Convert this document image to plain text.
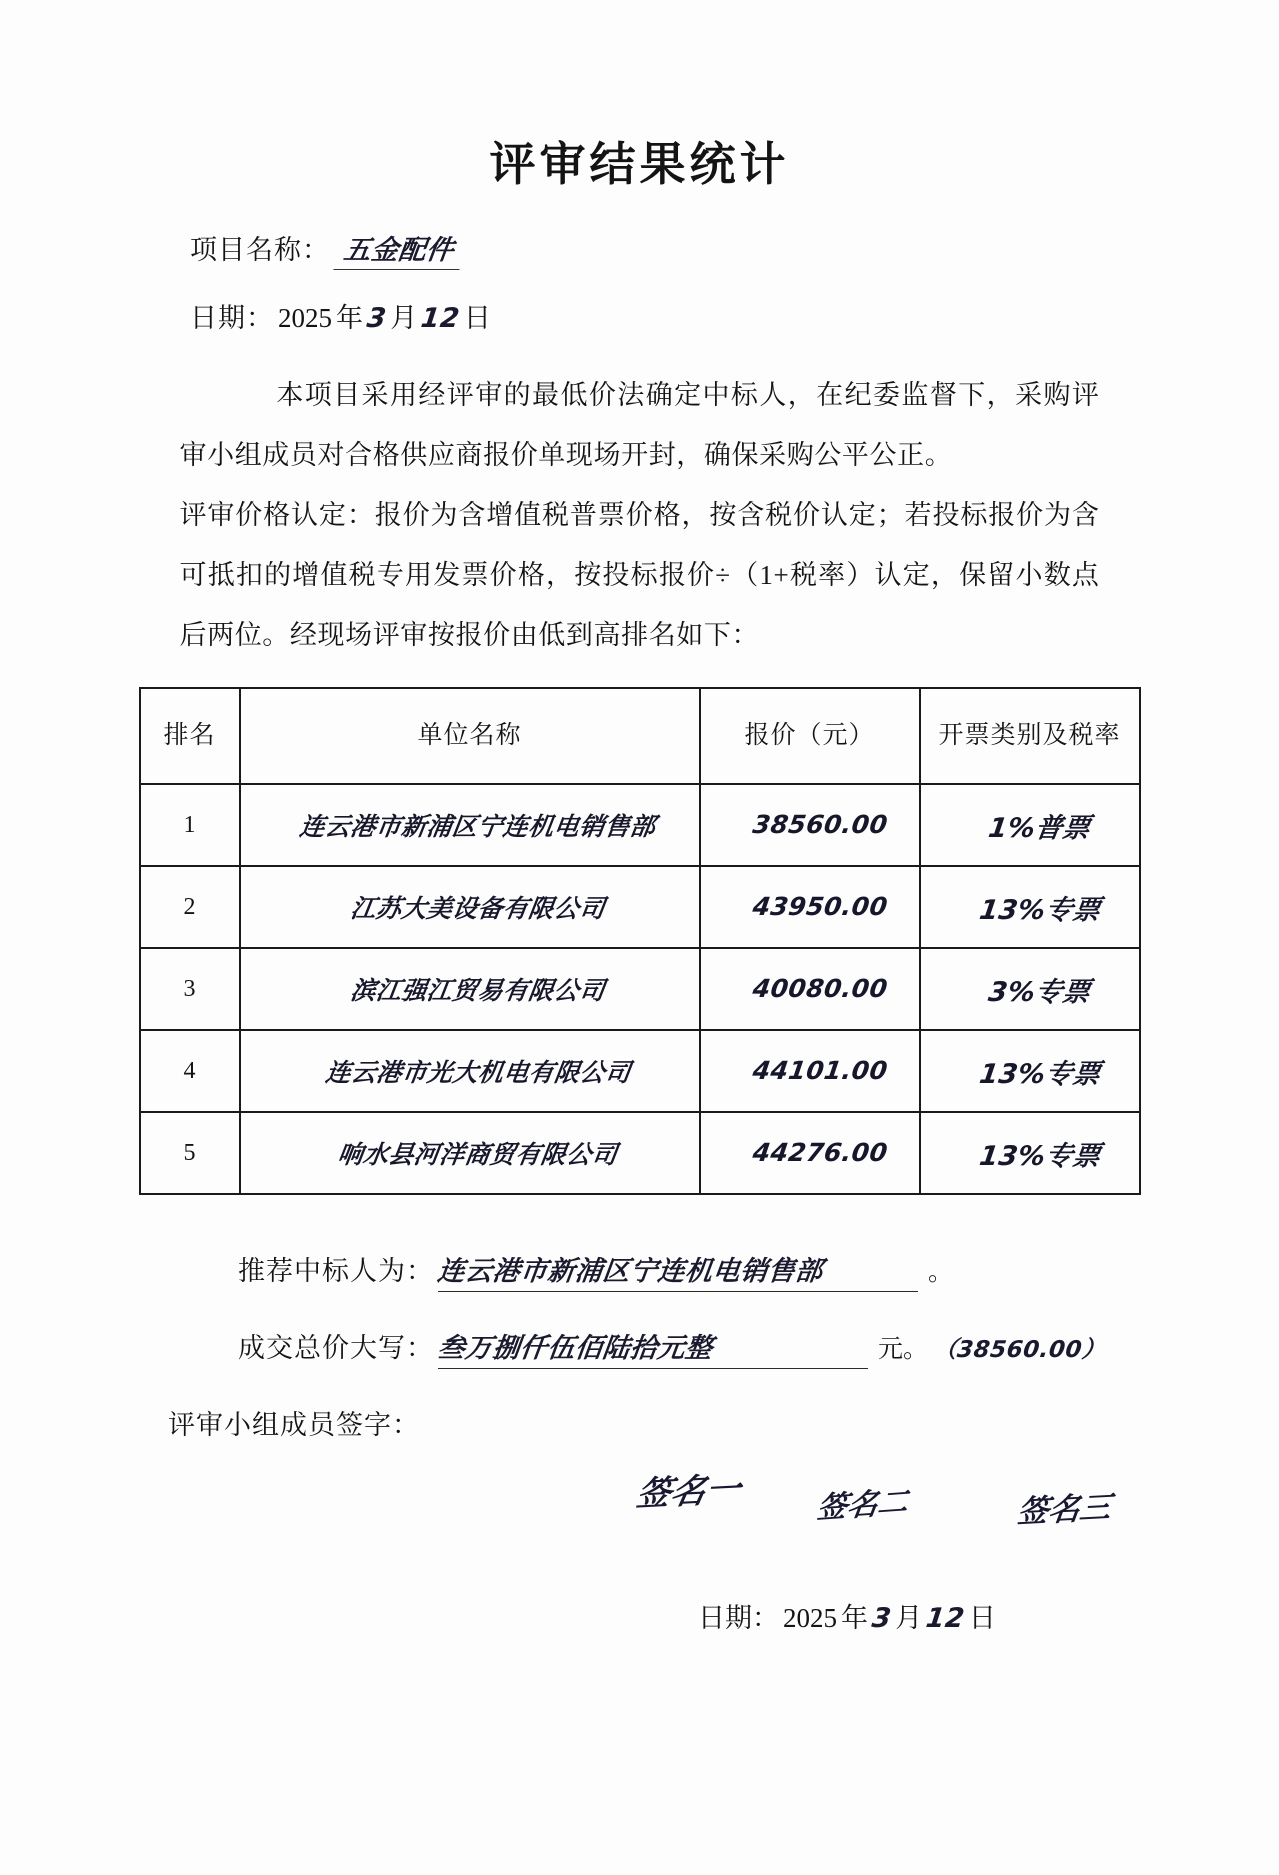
评审结果统计
项目名称： 五金配件
日期： 2025 年 3 月 12 日

本项目采用经评审的最低价法确定中标人，在纪委监督下，采购评审小组成员对合格供应商报价单现场开封，确保采购公平公正。

评审价格认定：报价为含增值税普票价格，按含税价认定；若投标报价为含可抵扣的增值税专用发票价格，按投标报价÷（1+税率）认定，保留小数点后两位。经现场评审按报价由低到高排名如下：

排名	单位名称	报价（元）	开票类别及税率
1	连云港市新浦区宁连机电销售部	38560.00	1%普票
2	江苏大美设备有限公司	43950.00	13%专票
3	滨江强江贸易有限公司	40080.00	3%专票
4	连云港市光大机电有限公司	44101.00	13%专票
5	响水县河洋商贸有限公司	44276.00	13%专票
推荐中标人为： 连云港市新浦区宁连机电销售部	。
成交总价大写： 叁万捌仟伍佰陆拾元整	元。 （38560.00）
评审小组成员签字：
签名一 签名二	签名三
日期： 2025 年 3 月 12 日
